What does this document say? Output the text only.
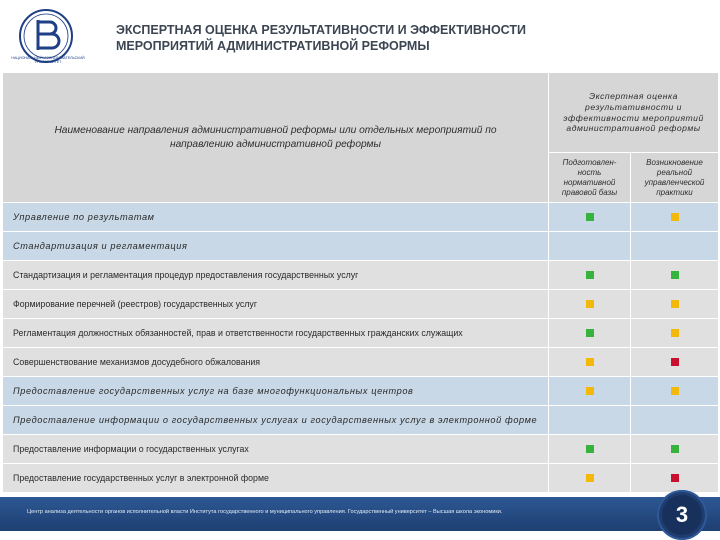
НАЦИОНАЛЬНЫЙ ИССЛЕДОВАТЕЛЬСКИЙ УНИВЕРСИТЕТ
ЭКСПЕРТНАЯ ОЦЕНКА РЕЗУЛЬТАТИВНОСТИ И ЭФФЕКТИВНОСТИ
МЕРОПРИЯТИЙ АДМИНИСТРАТИВНОЙ РЕФОРМЫ
Наименование направления административной реформы или отдельных мероприятий по направлению административной реформы	Экспертная оценка результативности и эффективности мероприятий административной реформы	
	Подготовлен-ность нормативной правовой базы	Возникновение реальной управленческой практики
Управление по результатам		
Стандартизация и регламентация		
Стандартизация и регламентация процедур предоставления государственных услуг		
Формирование перечней (реестров) государственных услуг		
Регламентация должностных обязанностей, прав и ответственности государственных гражданских служащих		
Совершенствование механизмов досудебного обжалования		
Предоставление государственных услуг на базе многофункциональных центров		
Предоставление информации о государственных услугах и государственных услуг в электронной форме		
Предоставление информации о государственных услугах		
Предоставление государственных услуг в электронной форме		
Центр анализа деятельности органов исполнительной власти Института государственного и муниципального управления. Государственный университет – Высшая школа экономики.	3
